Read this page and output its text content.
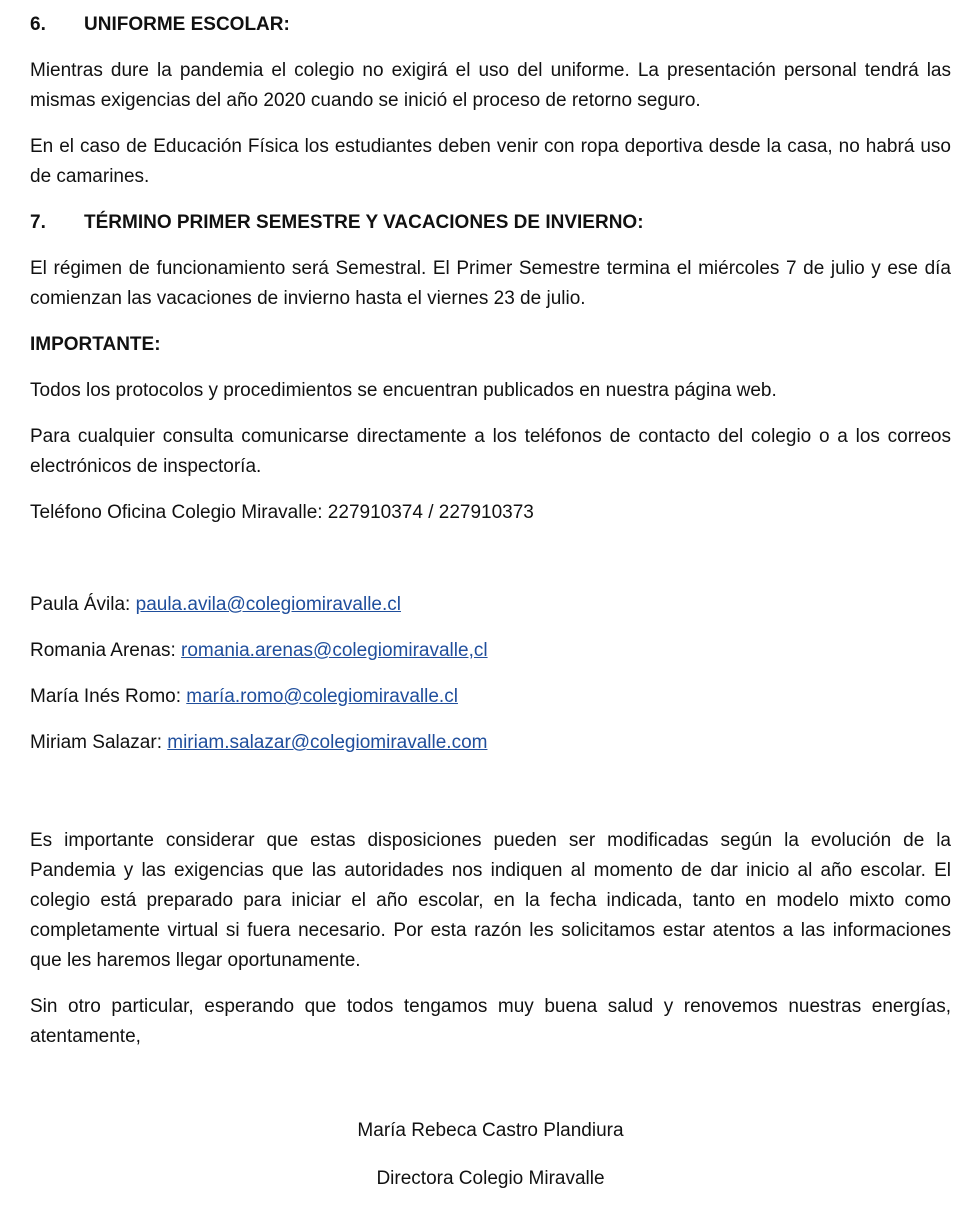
6.	UNIFORME ESCOLAR:

Mientras dure la pandemia el colegio no exigirá el uso del uniforme. La presentación personal tendrá las mismas exigencias del año 2020 cuando se inició el proceso de retorno seguro.

En el caso de Educación Física los estudiantes deben venir con ropa deportiva desde la casa, no habrá uso de camarines.

7.	TÉRMINO PRIMER SEMESTRE Y VACACIONES DE INVIERNO:

El régimen de funcionamiento será Semestral. El Primer Semestre termina el miércoles 7 de julio y ese día comienzan las vacaciones de invierno hasta el viernes 23 de julio.

IMPORTANTE:

Todos los protocolos y procedimientos se encuentran publicados en nuestra página web.

Para cualquier consulta comunicarse directamente a los teléfonos de contacto del colegio o a los correos electrónicos de inspectoría.

Teléfono Oficina Colegio Miravalle: 227910374 / 227910373

Paula Ávila: paula.avila@colegiomiravalle.cl

Romania Arenas: romania.arenas@colegiomiravalle,cl

María Inés Romo: maría.romo@colegiomiravalle.cl

Miriam Salazar: miriam.salazar@colegiomiravalle.com

Es importante considerar que estas disposiciones pueden ser modificadas según la evolución de la Pandemia y las exigencias que las autoridades nos indiquen al momento de dar inicio al año escolar. El colegio está preparado para iniciar el año escolar, en la fecha indicada, tanto en modelo mixto como completamente virtual si fuera necesario. Por esta razón les solicitamos estar atentos a las informaciones que les haremos llegar oportunamente.

Sin otro particular, esperando que todos tengamos muy buena salud y renovemos nuestras energías, atentamente,

María Rebeca Castro Plandiura

Directora Colegio Miravalle
